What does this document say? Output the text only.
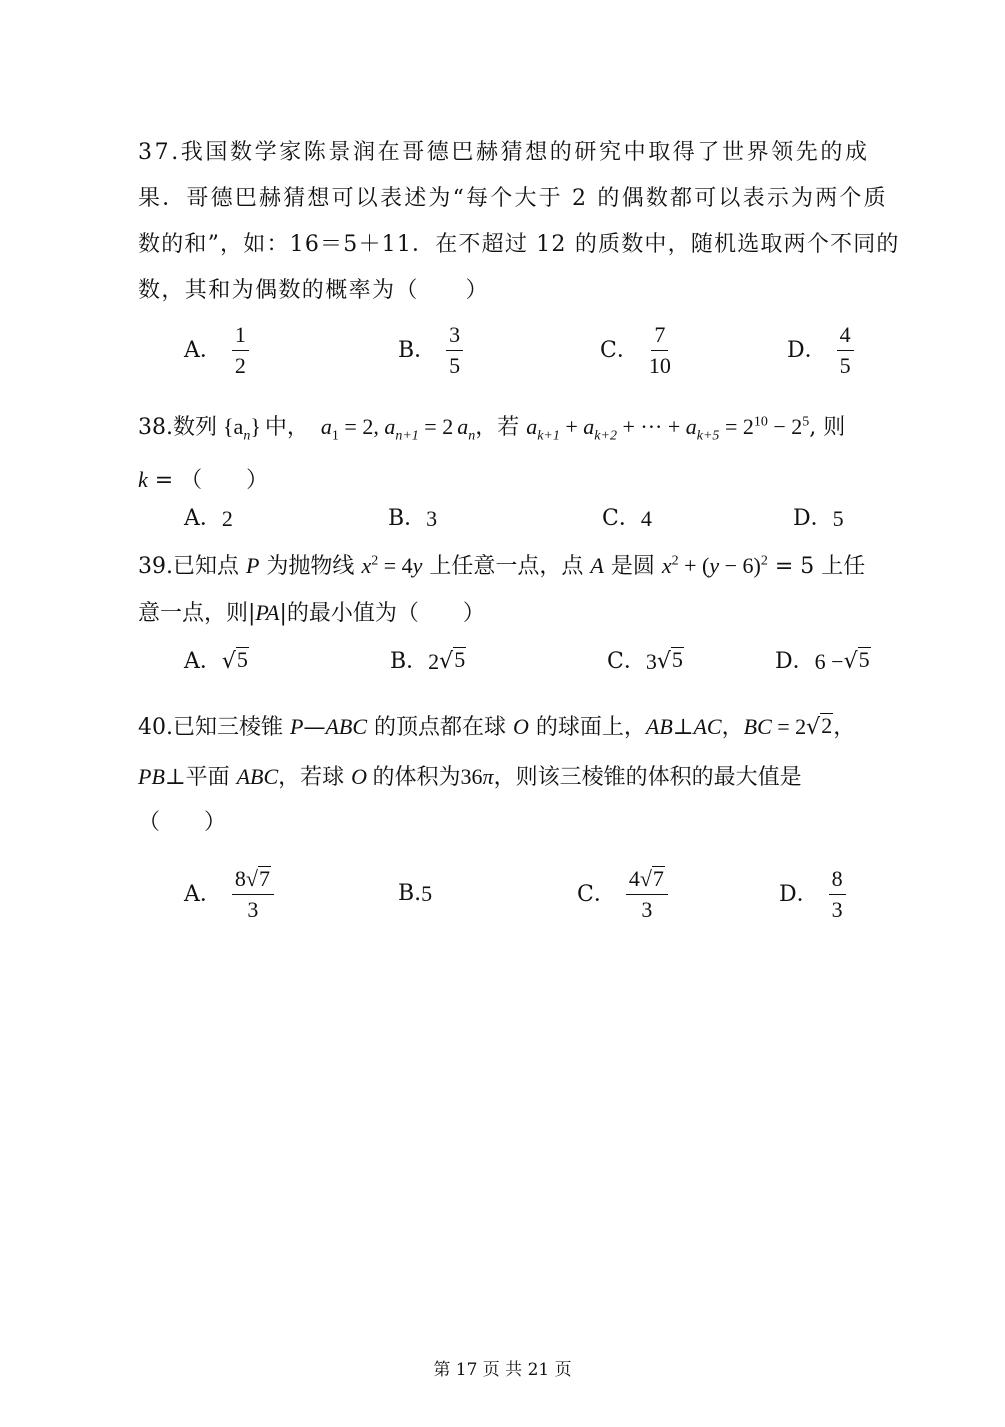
37.我国数学家陈景润在哥德巴赫猜想的研究中取得了世界领先的成
果．哥德巴赫猜想可以表述为“每个大于 2 的偶数都可以表示为两个质
数的和”，如：16＝5＋11．在不超过 12 的质数中，随机选取两个不同的
数，其和为偶数的概率为（　　）
A． $\frac{1}{2}$	B． $\frac{3}{5}$	C． $\frac{7}{10}$	D． $\frac{4}{5}$
38.数列 $\{a_n\}$ 中， $a_1 = 2$, $a_{n+1} = 2$ $a_n$，若 $a_{k+1} + a_{k+2}$ + ··· + $a_{k+5} = 2^{10} - 2^5$, 则
k = （　　）
A． 2	B． 3	C． 4	D． 5
39.已知点 P 为抛物线 $x^2 = 4y$ 上任意一点，点 A 是圆 $x^2 + (y - 6)^2 = 5$ 上任
意一点，则|PA|的最小值为（　　）
A． √ 5	B． 2 √ 5	C． 3 √ 5	D． 6 − √ 5
40.已知三棱锥 P—ABC 的顶点都在球 O 的球面上，AB⊥AC，BC = 2 √ 2 ，
PB⊥平面 ABC，若球 O 的体积为36π，则该三棱锥的体积的最大值是
（　　）
A． $\frac{8 √ 7}{3}$	B. 5	C． $\frac{4 √ 7}{3}$	D． $\frac{8}{3}$
第 17 页 共 21 页
